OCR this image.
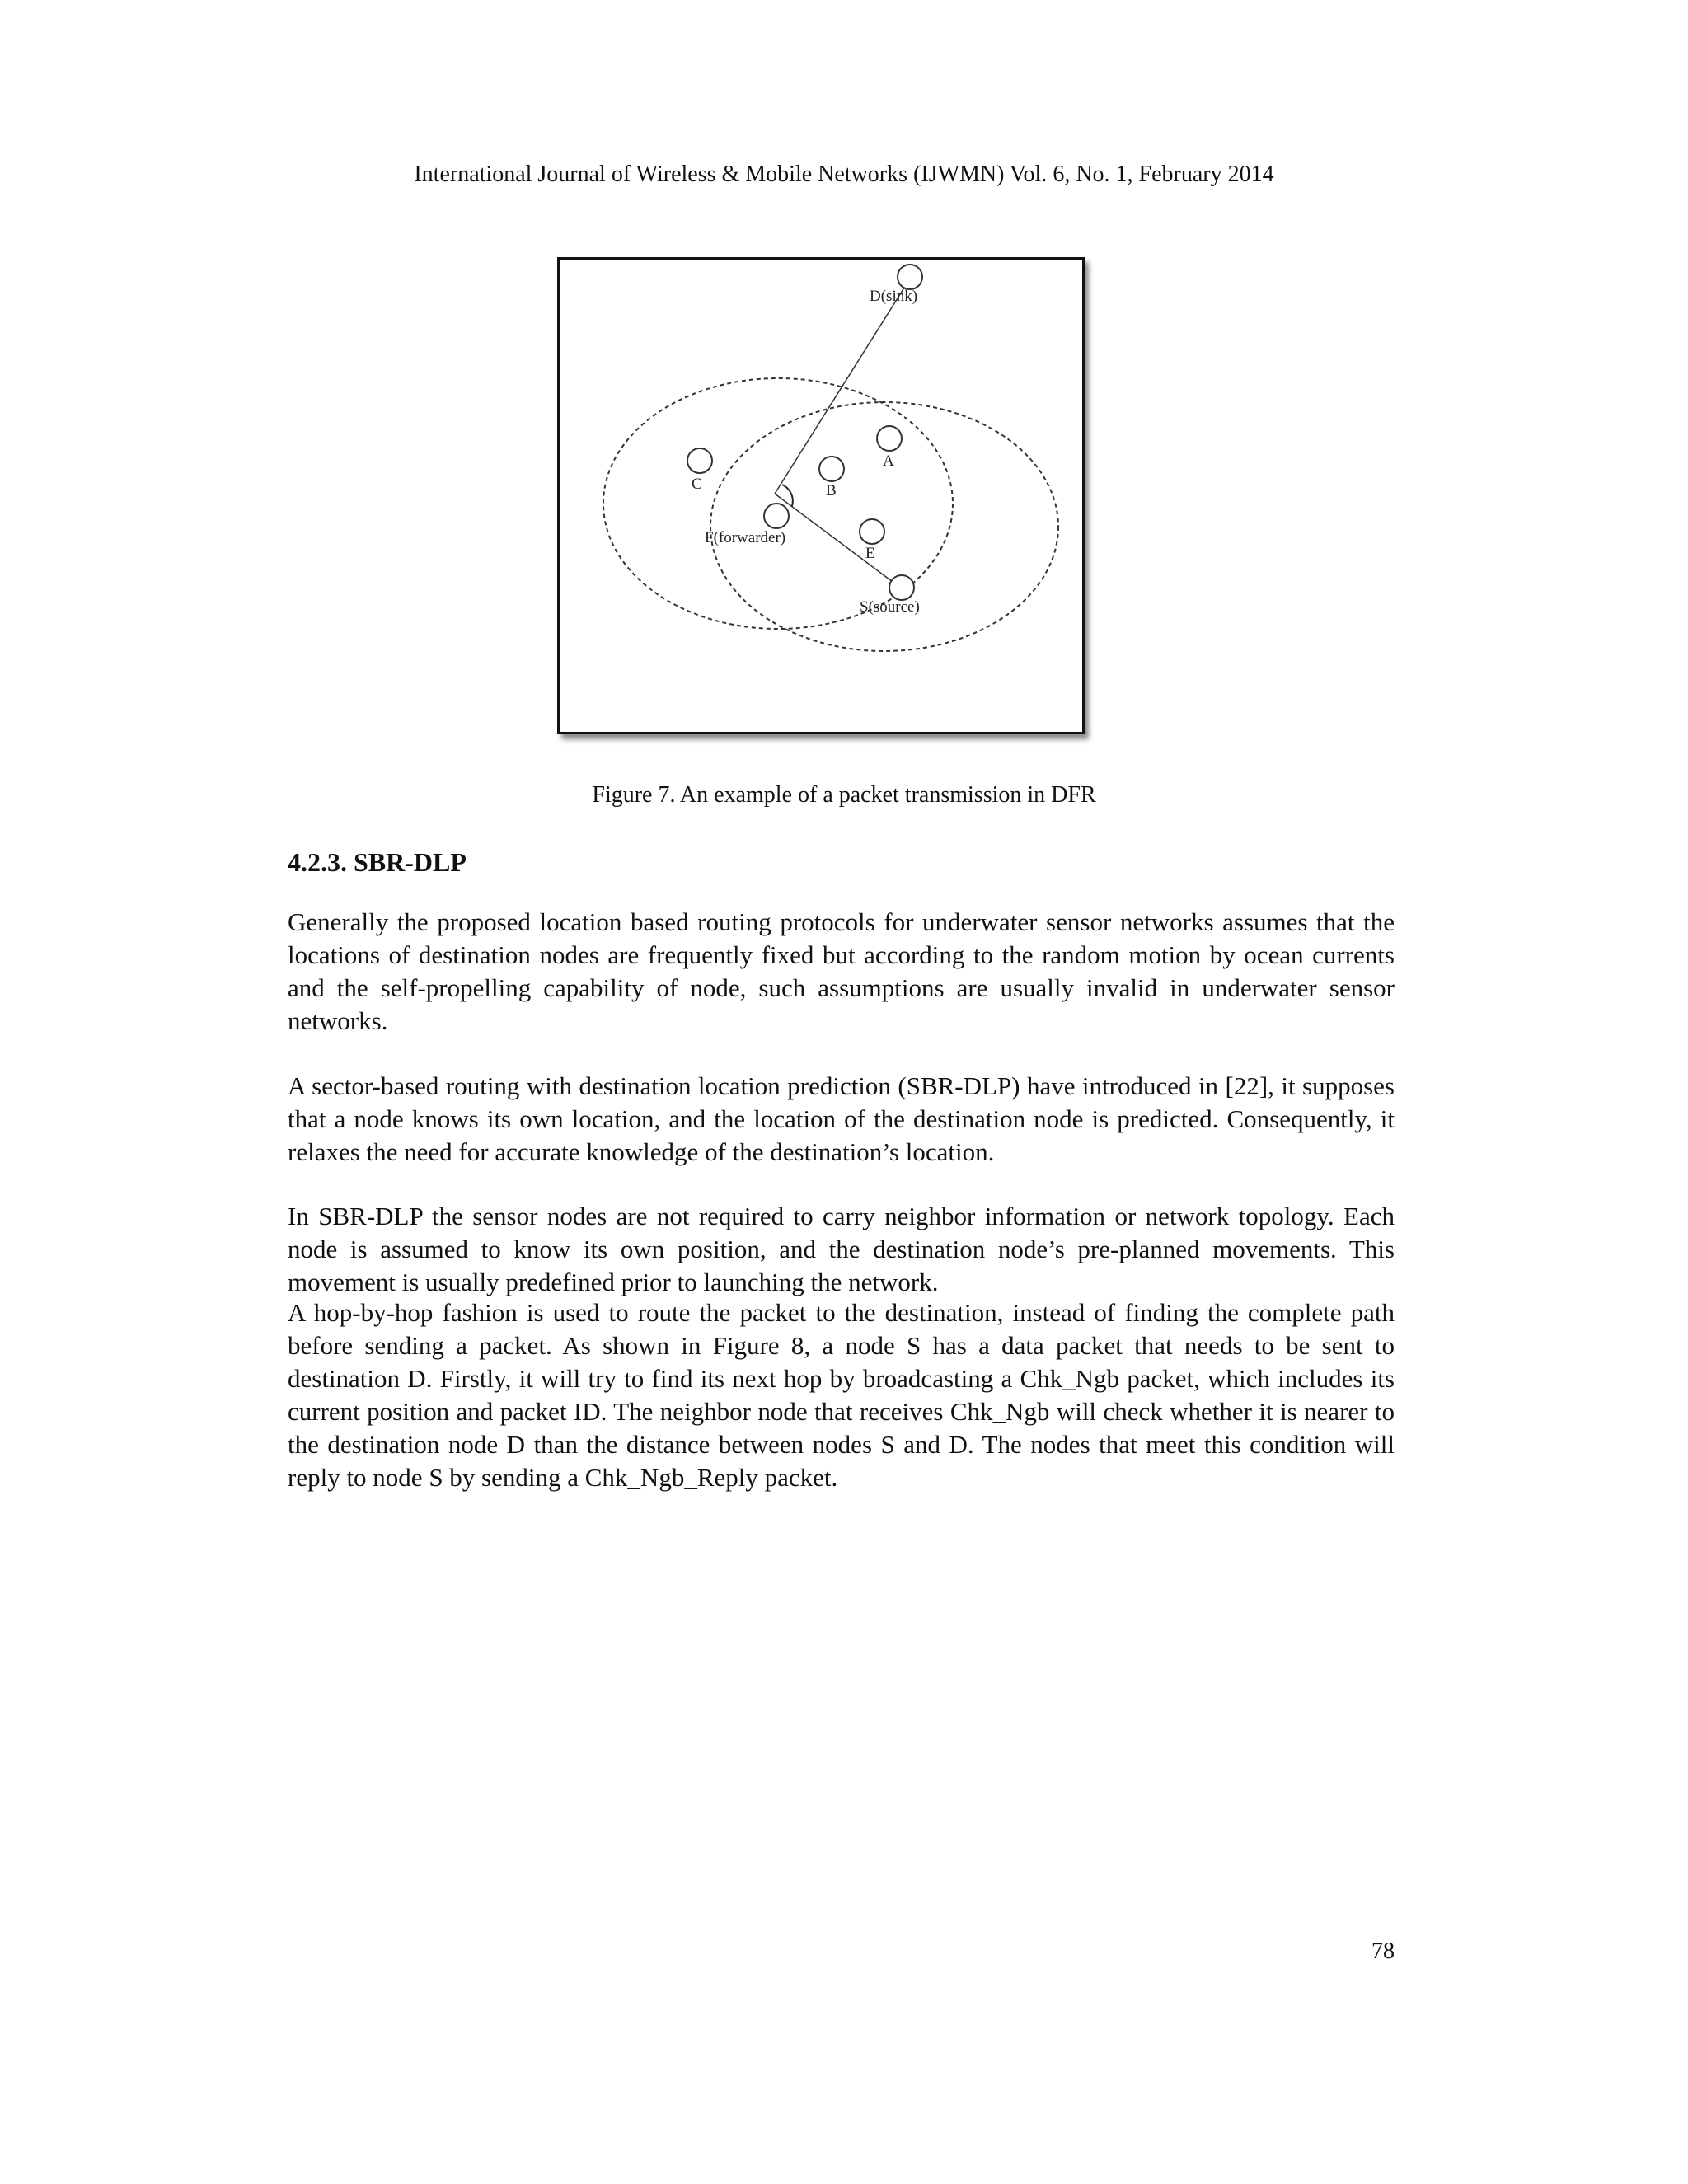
International Journal of Wireless & Mobile Networks (IJWMN) Vol. 6, No. 1, February 2014
D(sink)
A
B
C
F(forwarder)
E
S(source)
Figure 7. An example of a packet transmission in DFR
4.2.3. SBR-DLP

Generally the proposed location based routing protocols for underwater sensor networks assumes that the locations of destination nodes are frequently fixed but according to the random motion by ocean currents and the self-propelling capability of node, such assumptions are usually invalid in underwater sensor networks.

A sector-based routing with destination location prediction (SBR-DLP) have introduced in [22], it supposes that a node knows its own location, and the location of the destination node is predicted. Consequently, it relaxes the need for accurate knowledge of the destination’s location.

In SBR-DLP the sensor nodes are not required to carry neighbor information or network topology. Each node is assumed to know its own position, and the destination node’s pre-planned movements. This movement is usually predefined prior to launching the network.

A hop-by-hop fashion is used to route the packet to the destination, instead of finding the complete path before sending a packet. As shown in Figure 8, a node S has a data packet that needs to be sent to destination D. Firstly, it will try to find its next hop by broadcasting a Chk_Ngb packet, which includes its current position and packet ID. The neighbor node that receives Chk_Ngb will check whether it is nearer to the destination node D than the distance between nodes S and D. The nodes that meet this condition will reply to node S by sending a Chk_Ngb_Reply packet.

78
